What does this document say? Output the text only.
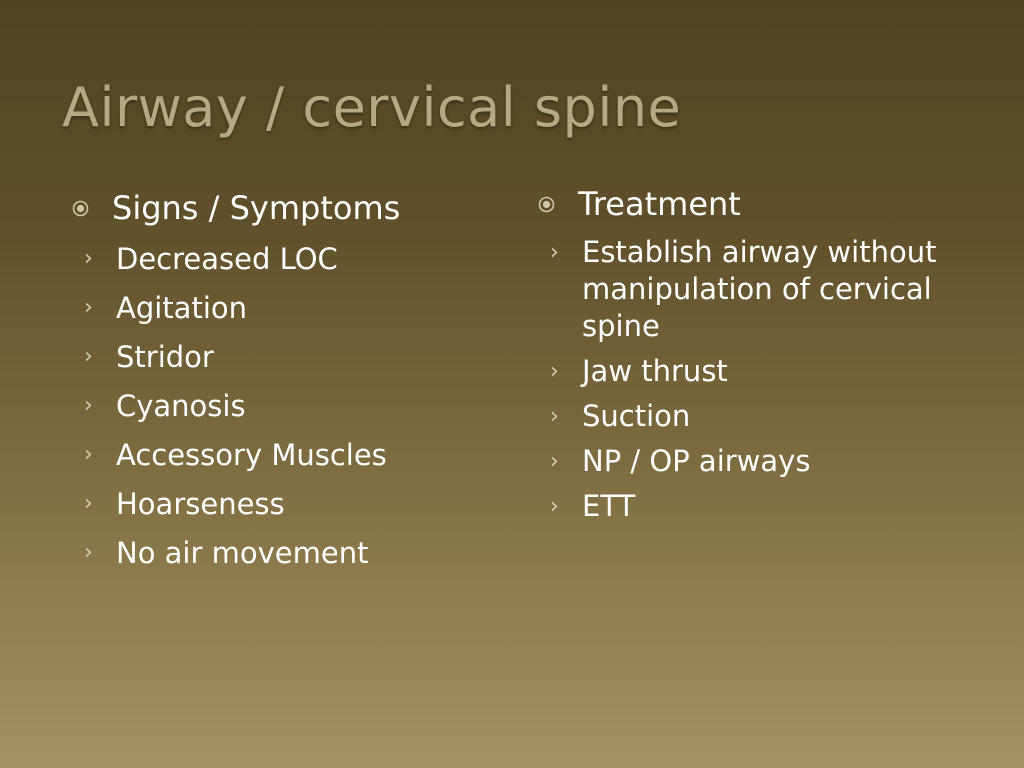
Airway / cervical spine
Signs / Symptoms
› Decreased LOC
› Agitation
› Stridor
› Cyanosis
› Accessory Muscles
› Hoarseness
› No air movement
Treatment
› Establish airway without manipulation of cervical spine
› Jaw thrust
› Suction
› NP / OP airways
› ETT
